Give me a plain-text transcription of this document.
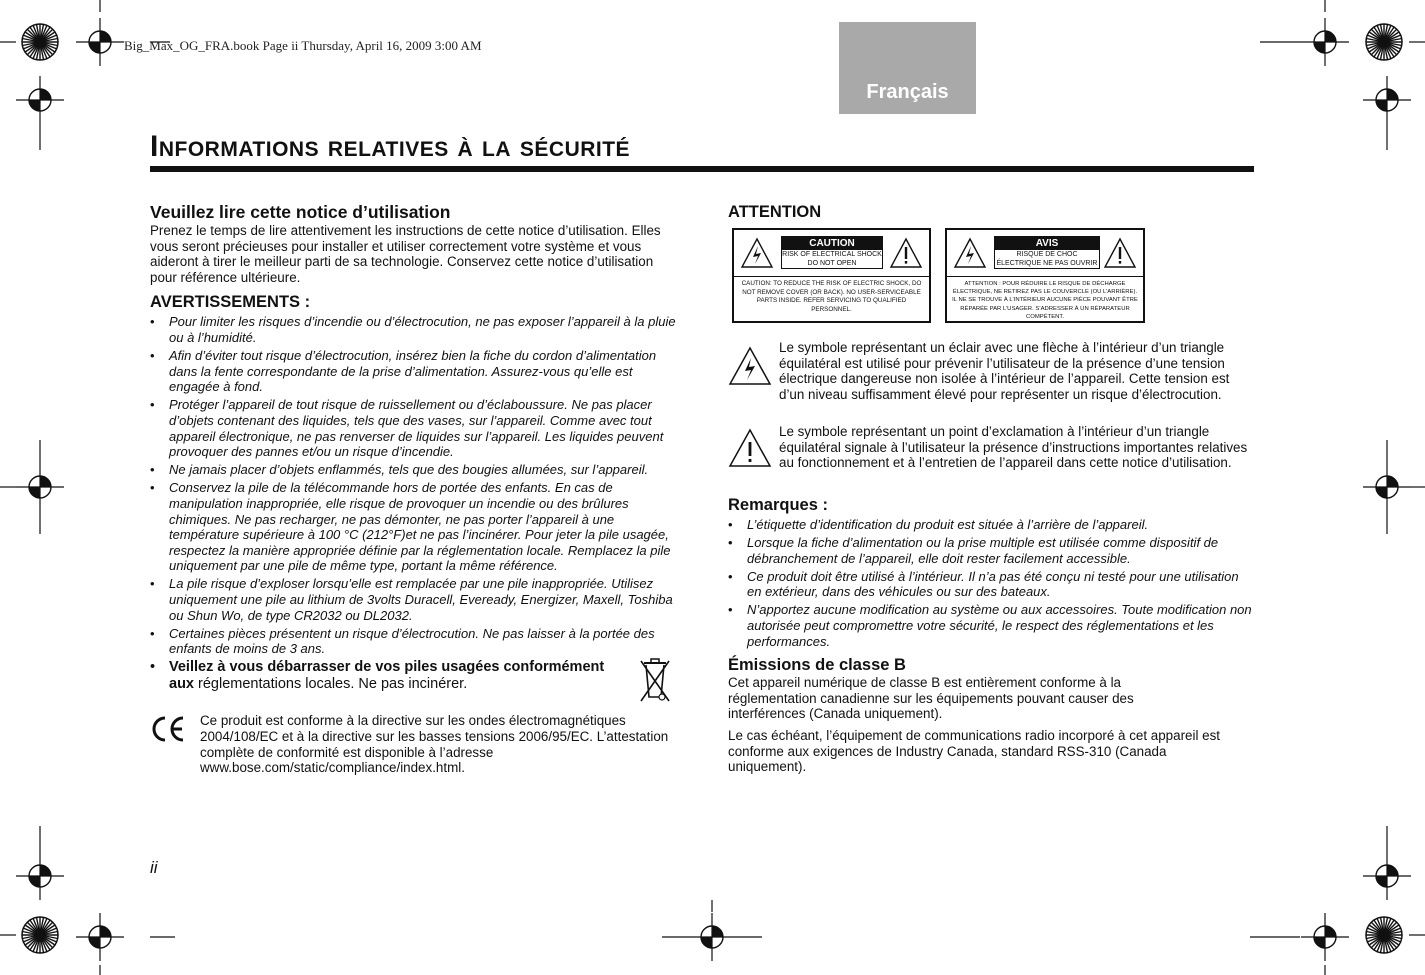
Big_Max_OG_FRA.book Page ii Thursday, April 16, 2009 3:00 AM
Français
Informations relatives à la sécurité
Veuillez lire cette notice d’utilisation

Prenez le temps de lire attentivement les instructions de cette notice d’utilisation. Elles vous seront précieuses pour installer et utiliser correctement votre système et vous aideront à tirer le meilleur parti de sa technologie. Conservez cette notice d’utilisation pour référence ultérieure.

AVERTISSEMENTS :
• Pour limiter les risques d’incendie ou d’électrocution, ne pas exposer l’appareil à la pluie ou à l’humidité.
• Afin d’éviter tout risque d’électrocution, insérez bien la fiche du cordon d’alimentation dans la fente correspondante de la prise d’alimentation. Assurez-vous qu’elle est engagée à fond.
• Protéger l’appareil de tout risque de ruissellement ou d’éclaboussure. Ne pas placer d’objets contenant des liquides, tels que des vases, sur l’appareil. Comme avec tout appareil électronique, ne pas renverser de liquides sur l’appareil. Les liquides peuvent provoquer des pannes et/ou un risque d’incendie.
• Ne jamais placer d’objets enflammés, tels que des bougies allumées, sur l’appareil.
• Conservez la pile de la télécommande hors de portée des enfants. En cas de manipulation inappropriée, elle risque de provoquer un incendie ou des brûlures chimiques. Ne pas recharger, ne pas démonter, ne pas porter l’appareil à une température supérieure à 100 °C (212°F)et ne pas l’incinérer. Pour jeter la pile usagée, respectez la manière appropriée définie par la réglementation locale. Remplacez la pile uniquement par une pile de même type, portant la même référence.
• La pile risque d’exploser lorsqu’elle est remplacée par une pile inappropriée. Utilisez uniquement une pile au lithium de 3volts Duracell, Eveready, Energizer, Maxell, Toshiba ou Shun Wo, de type CR2032 ou DL2032.
• Certaines pièces présentent un risque d’électrocution. Ne pas laisser à la portée des enfants de moins de 3 ans.
• Veillez à vous débarrasser de vos piles usagées conformément aux réglementations locales. Ne pas incinérer.

Ce produit est conforme à la directive sur les ondes électromagnétiques 2004/108/EC et à la directive sur les basses tensions 2006/95/EC. L’attestation complète de conformité est disponible à l’adresse www.bose.com/static/compliance/index.html.

ATTENTION
CAUTION
RISK OF ELECTRICAL SHOCK DO NOT OPEN
CAUTION: TO REDUCE THE RISK OF ELECTRIC SHOCK, DO NOT REMOVE COVER (OR BACK). NO USER-SERVICEABLE PARTS INSIDE. REFER SERVICING TO QUALIFIED PERSONNEL.
AVIS
RISQUE DE CHOC ÉLECTRIQUE NE PAS OUVRIR
ATTENTION : POUR RÉDUIRE LE RISQUE DE DÉCHARGE ÉLECTRIQUE, NE RETIREZ PAS LE COUVERCLE (OU L’ARRIÈRE). IL NE SE TROUVE À L’INTÉRIEUR AUCUNE PIÈCE POUVANT ÊTRE RÉPARÉE PAR L’USAGER. S’ADRESSER À UN RÉPARATEUR COMPÉTENT.

Le symbole représentant un éclair avec une flèche à l’intérieur d’un triangle équilatéral est utilisé pour prévenir l’utilisateur de la présence d’une tension électrique dangereuse non isolée à l’intérieur de l’appareil. Cette tension est d’un niveau suffisamment élevé pour représenter un risque d’électrocution.

Le symbole représentant un point d’exclamation à l’intérieur d’un triangle équilatéral signale à l’utilisateur la présence d’instructions importantes relatives au fonctionnement et à l’entretien de l’appareil dans cette notice d’utilisation.

Remarques :
• L’étiquette d’identification du produit est située à l’arrière de l’appareil.
• Lorsque la fiche d’alimentation ou la prise multiple est utilisée comme dispositif de débranchement de l’appareil, elle doit rester facilement accessible.
• Ce produit doit être utilisé à l’intérieur. Il n’a pas été conçu ni testé pour une utilisation en extérieur, dans des véhicules ou sur des bateaux.
• N’apportez aucune modification au système ou aux accessoires. Toute modification non autorisée peut compromettre votre sécurité, le respect des réglementations et les performances.
Émissions de classe B

Cet appareil numérique de classe B est entièrement conforme à la réglementation canadienne sur les équipements pouvant causer des interférences (Canada uniquement).

Le cas échéant, l’équipement de communications radio incorporé à cet appareil est conforme aux exigences de Industry Canada, standard RSS-310 (Canada uniquement).

ii
